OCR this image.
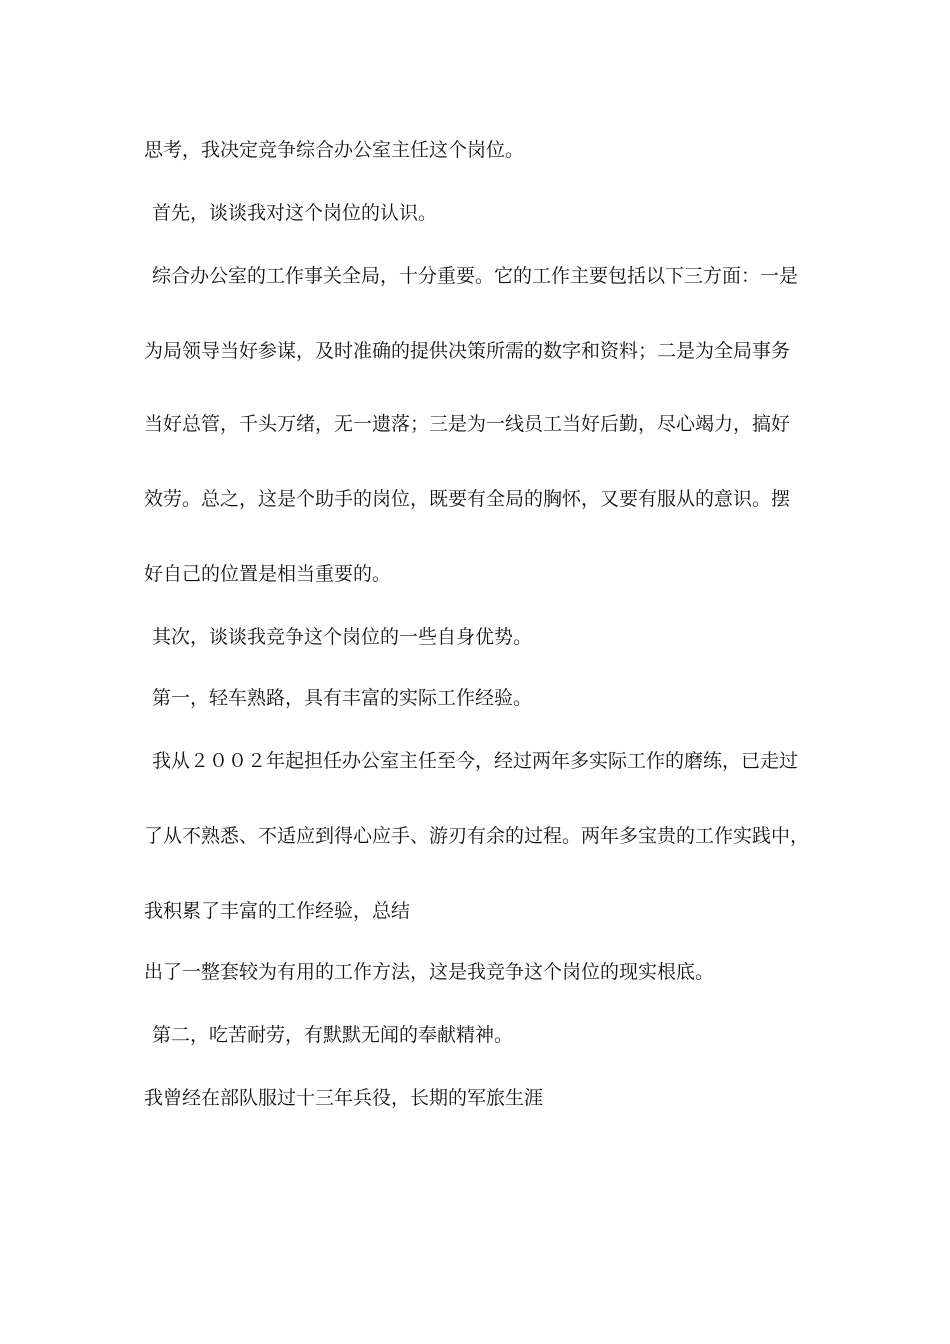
思考，我决定竞争综合办公室主任这个岗位。

首先，谈谈我对这个岗位的认识。

综合办公室的工作事关全局，十分重要。它的工作主要包括以下三方面：一是

为局领导当好参谋，及时准确的提供决策所需的数字和资料；二是为全局事务

当好总管，千头万绪，无一遗落；三是为一线员工当好后勤，尽心竭力，搞好

效劳。总之，这是个助手的岗位，既要有全局的胸怀，又要有服从的意识。摆

好自己的位置是相当重要的。

其次，谈谈我竞争这个岗位的一些自身优势。

第一，轻车熟路，具有丰富的实际工作经验。

我从２００２年起担任办公室主任至今，经过两年多实际工作的磨练，已走过

了从不熟悉、不适应到得心应手、游刃有余的过程。两年多宝贵的工作实践中，

我积累了丰富的工作经验，总结

出了一整套较为有用的工作方法，这是我竞争这个岗位的现实根底。

第二，吃苦耐劳，有默默无闻的奉献精神。

我曾经在部队服过十三年兵役，长期的军旅生涯
